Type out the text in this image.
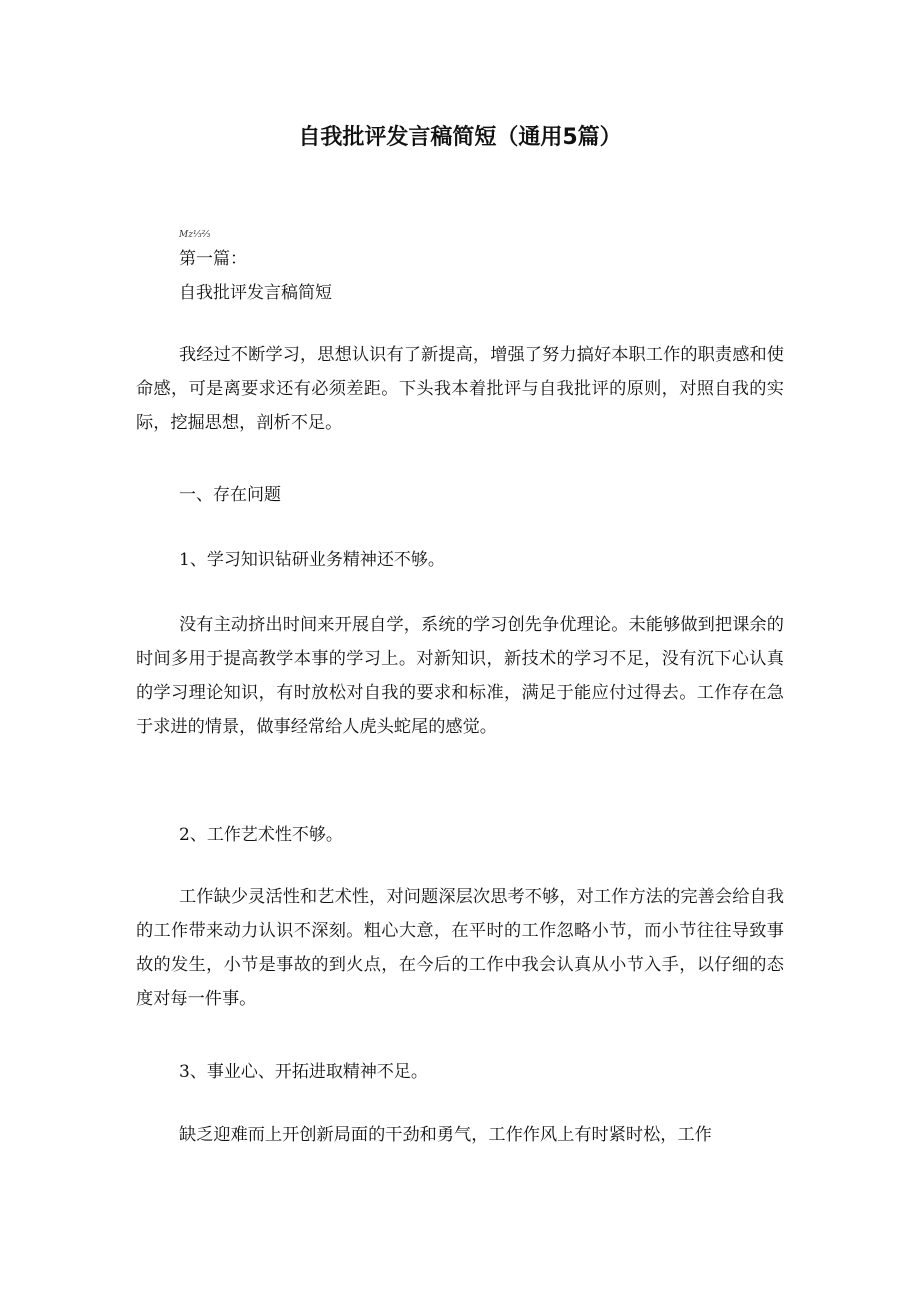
自我批评发言稿简短（通用5篇）
Mz⅓⅔
第一篇：
自我批评发言稿简短

我经过不断学习，思想认识有了新提高，增强了努力搞好本职工作的职责感和使命感，可是离要求还有必须差距。下头我本着批评与自我批评的原则，对照自我的实际，挖掘思想，剖析不足。

一、存在问题
1、学习知识钻研业务精神还不够。

没有主动挤出时间来开展自学，系统的学习创先争优理论。未能够做到把课余的时间多用于提高教学本事的学习上。对新知识，新技术的学习不足，没有沉下心认真的学习理论知识，有时放松对自我的要求和标准，满足于能应付过得去。工作存在急于求进的情景，做事经常给人虎头蛇尾的感觉。

2、工作艺术性不够。

工作缺少灵活性和艺术性，对问题深层次思考不够，对工作方法的完善会给自我的工作带来动力认识不深刻。粗心大意，在平时的工作忽略小节，而小节往往导致事故的发生，小节是事故的到火点，在今后的工作中我会认真从小节入手，以仔细的态度对每一件事。

3、事业心、开拓进取精神不足。

缺乏迎难而上开创新局面的干劲和勇气，工作作风上有时紧时松，工作
